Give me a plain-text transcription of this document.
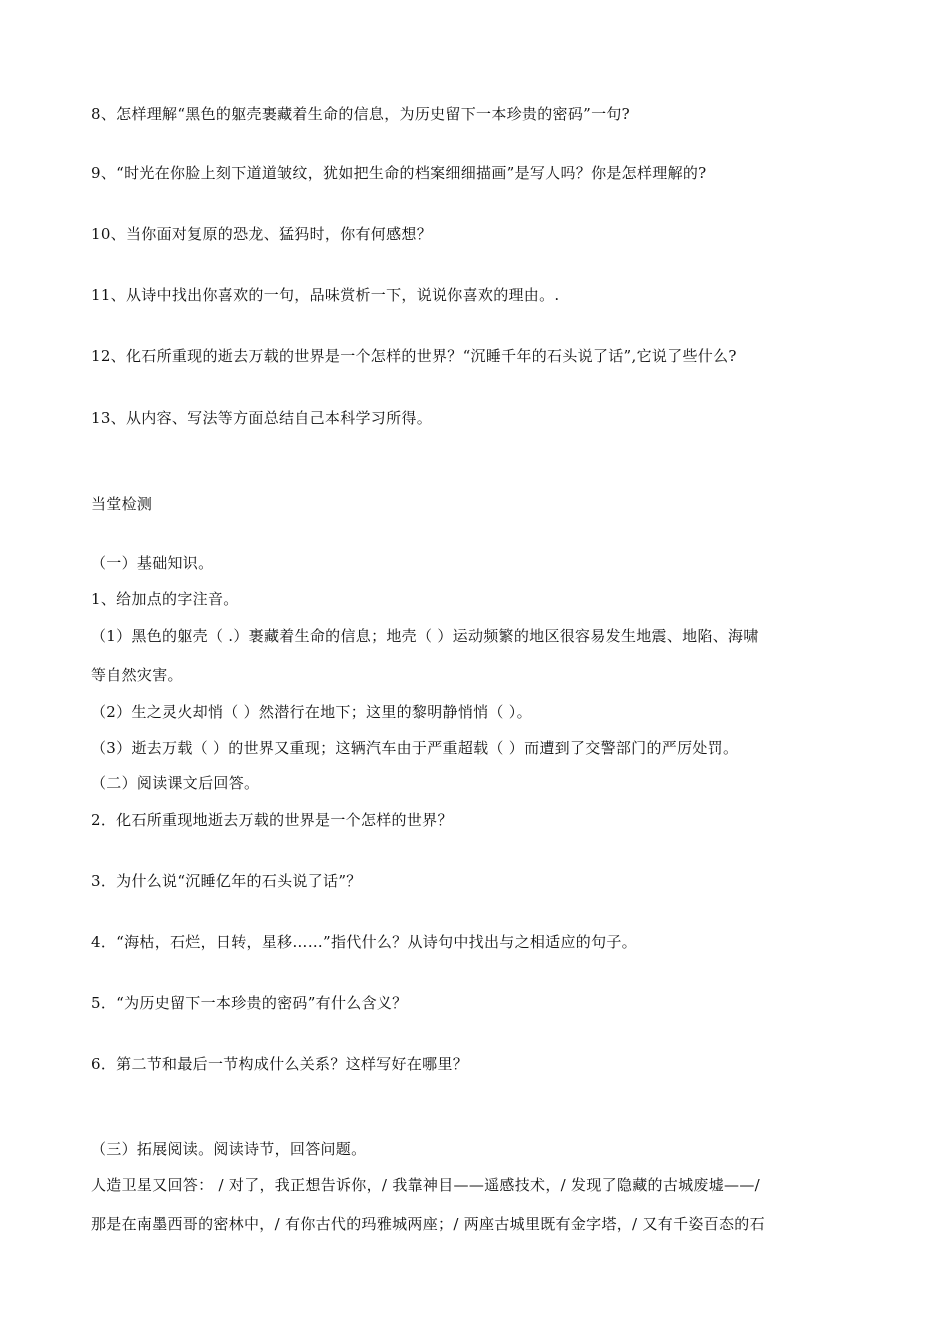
8、怎样理解“黑色的躯壳裹藏着生命的信息，为历史留下一本珍贵的密码”一句?
9、“时光在你脸上刻下道道皱纹，犹如把生命的档案细细描画”是写人吗？你是怎样理解的?
10、当你面对复原的恐龙、猛犸时，你有何感想？
11、从诗中找出你喜欢的一句，品味赏析一下，说说你喜欢的理由。.
12、化石所重现的逝去万载的世界是一个怎样的世界？“沉睡千年的石头说了话”,它说了些什么?
13、从内容、写法等方面总结自己本科学习所得。
当堂检测
（一）基础知识。
1、给加点的字注音。
（1）黑色的躯壳（ .）裹藏着生命的信息；地壳（ ）运动频繁的地区很容易发生地震、地陷、海啸
等自然灾害。
（2）生之灵火却悄（ ）然潜行在地下；这里的黎明静悄悄（ ）。
（3）逝去万载（ ）的世界又重现；这辆汽车由于严重超载（ ）而遭到了交警部门的严厉处罚。
（二）阅读课文后回答。
2．化石所重现地逝去万载的世界是一个怎样的世界？
3．为什么说“沉睡亿年的石头说了话”？
4．“海枯，石烂，日转，星移……”指代什么？从诗句中找出与之相适应的句子。
5．“为历史留下一本珍贵的密码”有什么含义？
6．第二节和最后一节构成什么关系？这样写好在哪里？
（三）拓展阅读。阅读诗节，回答问题。
人造卫星又回答： / 对了，我正想告诉你，/ 我靠神目——遥感技术，/ 发现了隐藏的古城废墟——/
那是在南墨西哥的密林中，/ 有你古代的玛雅城两座；/ 两座古城里既有金字塔，/ 又有千姿百态的石
